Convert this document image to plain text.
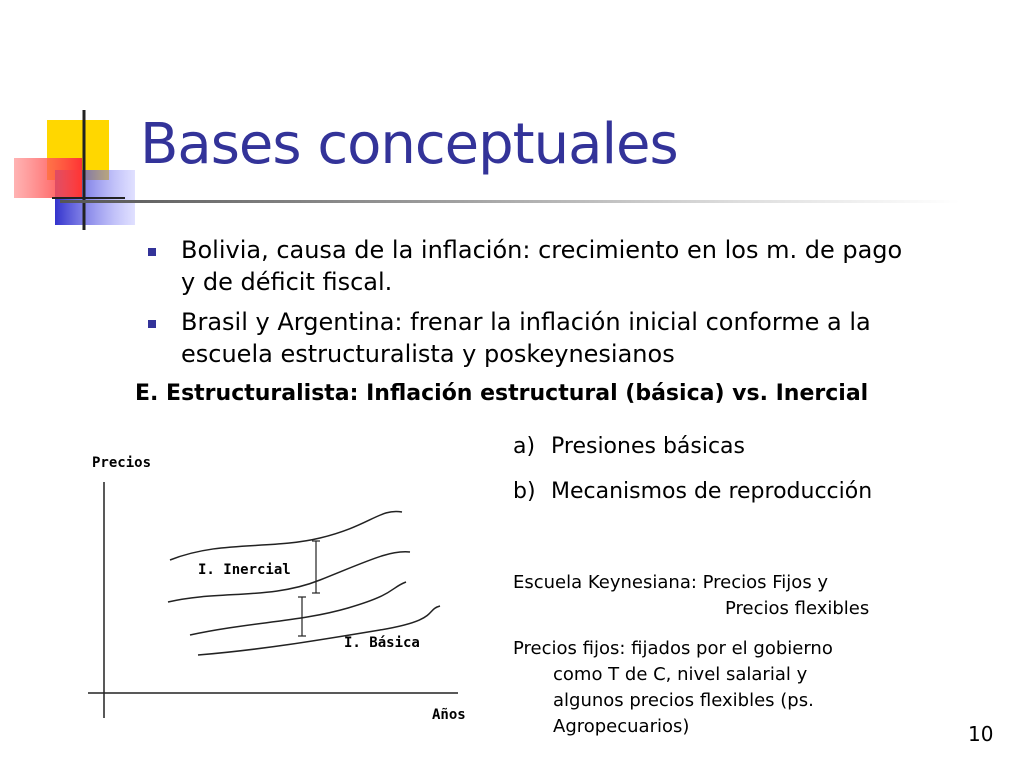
Bases conceptuales
Bolivia, causa de la inflación: crecimiento en los m. de pago y de déficit fiscal.
Brasil y Argentina: frenar la inflación inicial conforme a la escuela estructuralista y poskeynesianos
E. Estructuralista: Inflación estructural (básica) vs. Inercial
Precios
Años
I. Inercial
I. Básica
a) Presiones básicas
b) Mecanismos de reproducción
Escuela Keynesiana: Precios Fijos y
Precios flexibles
Precios fijos: fijados por el gobierno
como T de C, nivel salarial y
algunos precios flexibles (ps.
Agropecuarios)	10
